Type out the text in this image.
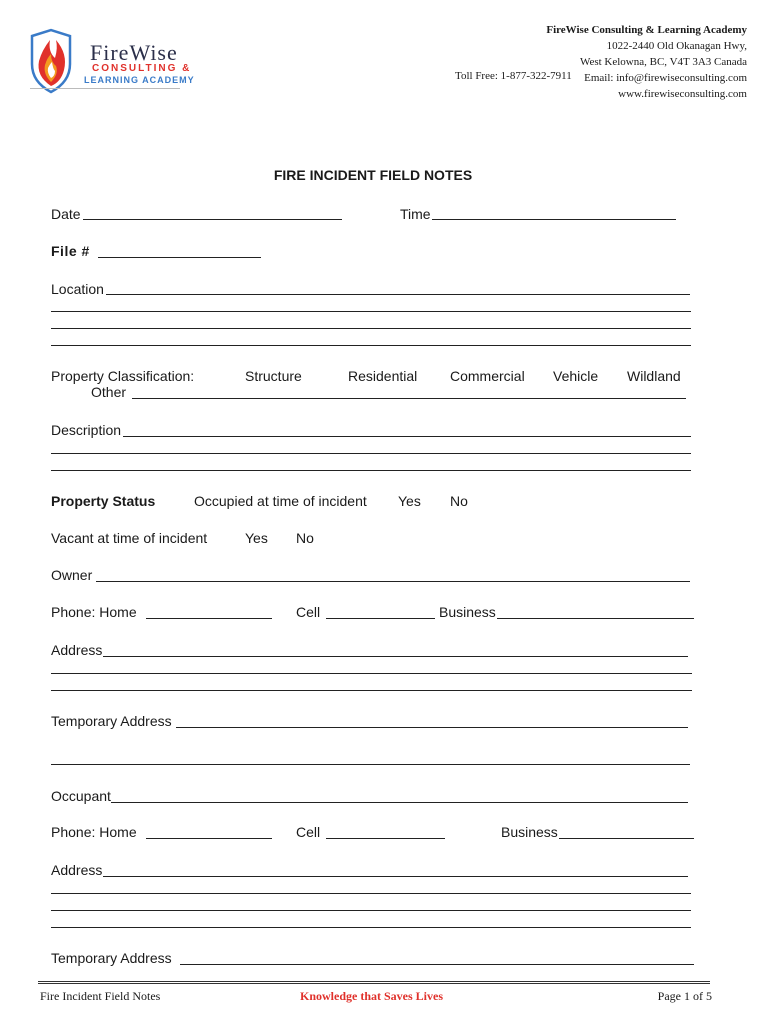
FireWise
CONSULTING &
LEARNING ACADEMY
FireWise Consulting & Learning Academy
1022-2440 Old Okanagan Hwy,
West Kelowna, BC, V4T 3A3 Canada
Email: info@firewiseconsulting.com
www.firewiseconsulting.com
Toll Free: 1-877-322-7911
FIRE INCIDENT FIELD NOTES
Date	Time
File #
Location
Property Classification:	Structure	Residential Commercial Vehicle Wildland
Other
Description
Property Status	Occupied at time of incident Yes No
Vacant at time of incident	Yes No
Owner
Phone: Home	Cell	Business
Address
Temporary Address
Occupant
Phone: Home	Cell	Business
Address
Temporary Address
Fire Incident Field Notes	Knowledge that Saves Lives	Page 1 of 5
